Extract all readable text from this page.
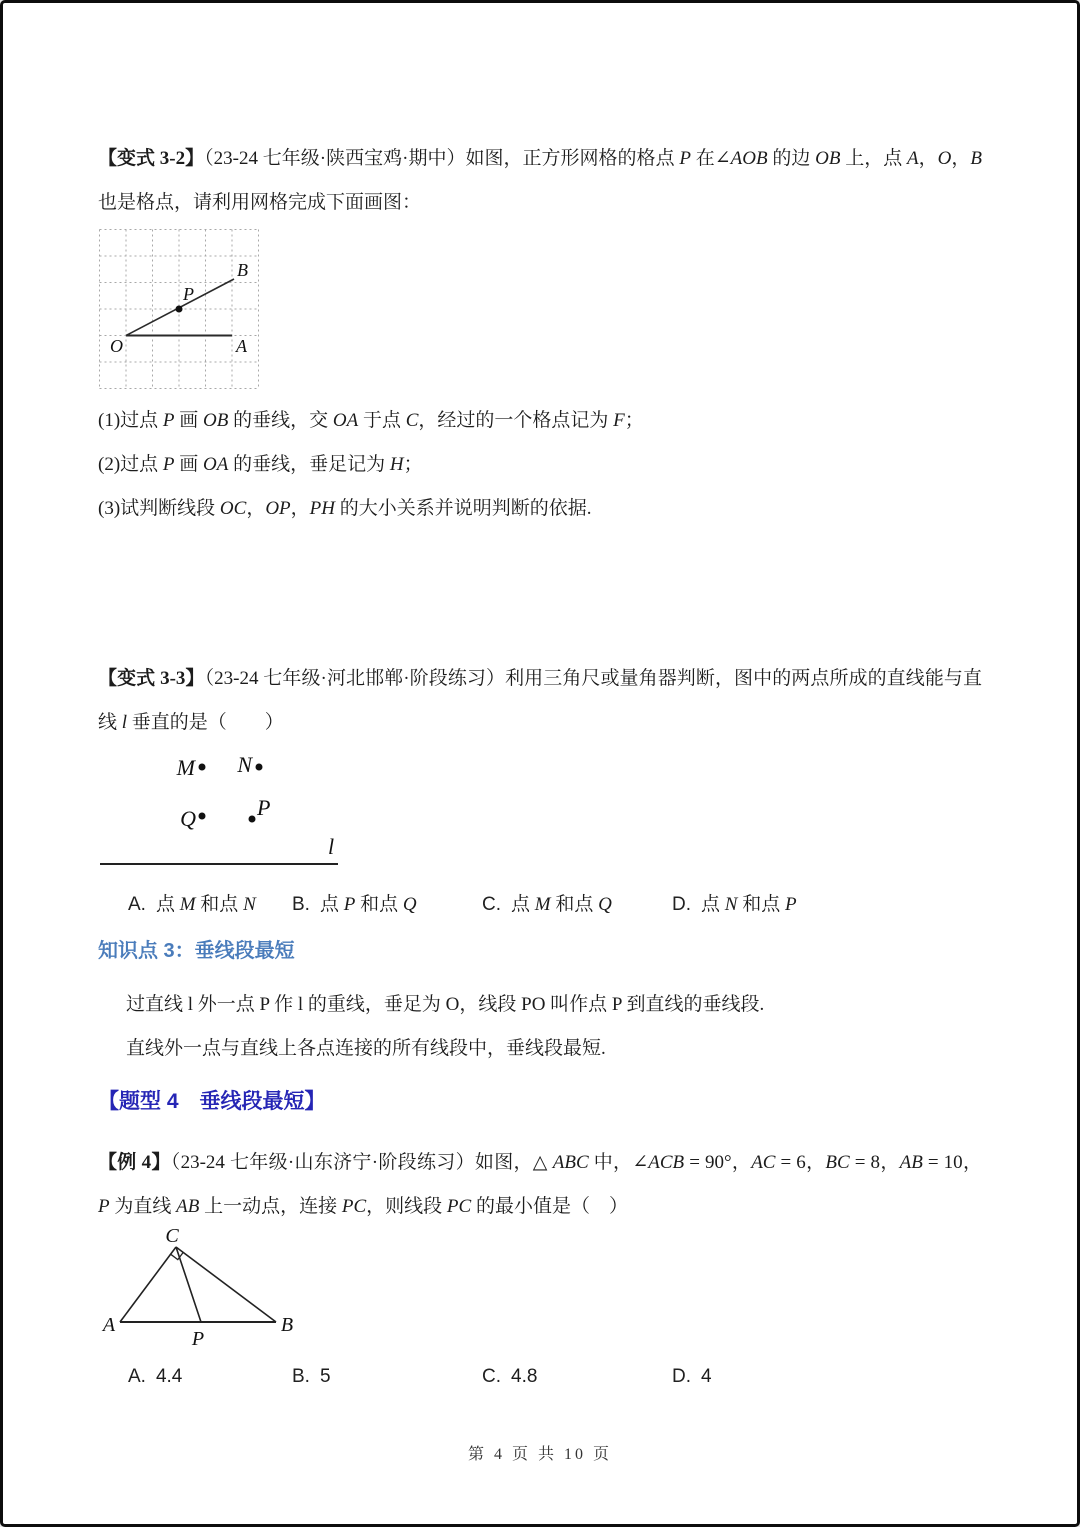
【变式 3-2】（23-24 七年级·陕西宝鸡·期中）如图，正方形网格的格点 P 在∠AOB 的边 OB 上，点 A，O，B
也是格点，请利用网格完成下面画图：
O	A
B
P
(1)过点 P 画 OB 的垂线，交 OA 于点 C，经过的一个格点记为 F；
(2)过点 P 画 OA 的垂线，垂足记为 H；
(3)试判断线段 OC，OP，PH 的大小关系并说明判断的依据.
【变式 3-3】（23-24 七年级·河北邯郸·阶段练习）利用三角尺或量角器判断，图中的两点所成的直线能与直
线 l 垂直的是（　　）
M N
Q	P
l
A. 点 M 和点 N	B. 点 P 和点 Q	C. 点 M 和点 Q	D. 点 N 和点 P
知识点 3：垂线段最短
过直线 l 外一点 P 作 l 的重线，垂足为 O，线段 PO 叫作点 P 到直线的垂线段.
直线外一点与直线上各点连接的所有线段中，垂线段最短.
【题型 4　垂线段最短】
【例 4】（23-24 七年级·山东济宁·阶段练习）如图，△ ABC 中，∠ACB = 90°，AC = 6，BC = 8，AB = 10，
P 为直线 AB 上一动点，连接 PC，则线段 PC 的最小值是（　）
C
A	B
P
A. 4.4	B. 5	C. 4.8	D. 4
第 4 页 共 10 页
